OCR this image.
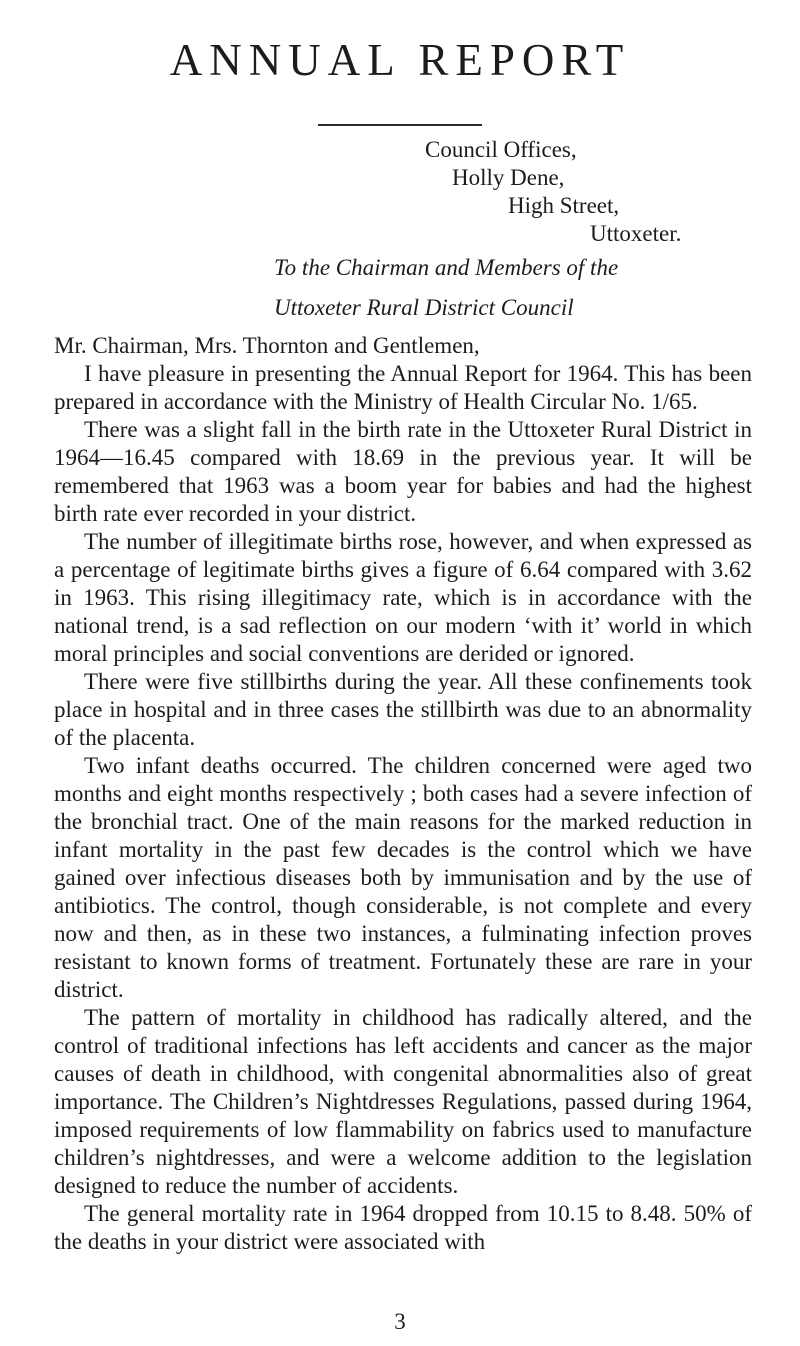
ANNUAL REPORT
Council Offices,
Holly Dene,
High Street,
Uttoxeter.
To the Chairman and Members of the
Uttoxeter Rural District Council

Mr. Chairman, Mrs. Thornton and Gentlemen,

I have pleasure in presenting the Annual Report for 1964. This has been prepared in accordance with the Ministry of Health Circular No. 1/65.

There was a slight fall in the birth rate in the Uttoxeter Rural District in 1964—16.45 compared with 18.69 in the previous year. It will be remembered that 1963 was a boom year for babies and had the highest birth rate ever recorded in your district.

The number of illegitimate births rose, however, and when expressed as a percentage of legitimate births gives a figure of 6.64 compared with 3.62 in 1963. This rising illegitimacy rate, which is in accordance with the national trend, is a sad reflection on our modern ‘with it’ world in which moral principles and social conventions are derided or ignored.

There were five stillbirths during the year. All these confinements took place in hospital and in three cases the stillbirth was due to an abnormality of the placenta.

Two infant deaths occurred. The children concerned were aged two months and eight months respectively ; both cases had a severe infection of the bronchial tract. One of the main reasons for the marked reduction in infant mortality in the past few decades is the control which we have gained over infectious diseases both by immunisation and by the use of antibiotics. The control, though considerable, is not complete and every now and then, as in these two instances, a fulminating infection proves resistant to known forms of treatment. Fortunately these are rare in your district.

The pattern of mortality in childhood has radically altered, and the control of traditional infections has left accidents and cancer as the major causes of death in childhood, with congenital abnormalities also of great importance. The Children’s Nightdresses Regulations, passed during 1964, imposed requirements of low flammability on fabrics used to manufacture children’s nightdresses, and were a welcome addition to the legislation designed to reduce the number of accidents.

The general mortality rate in 1964 dropped from 10.15 to 8.48. 50% of the deaths in your district were associated with

3
